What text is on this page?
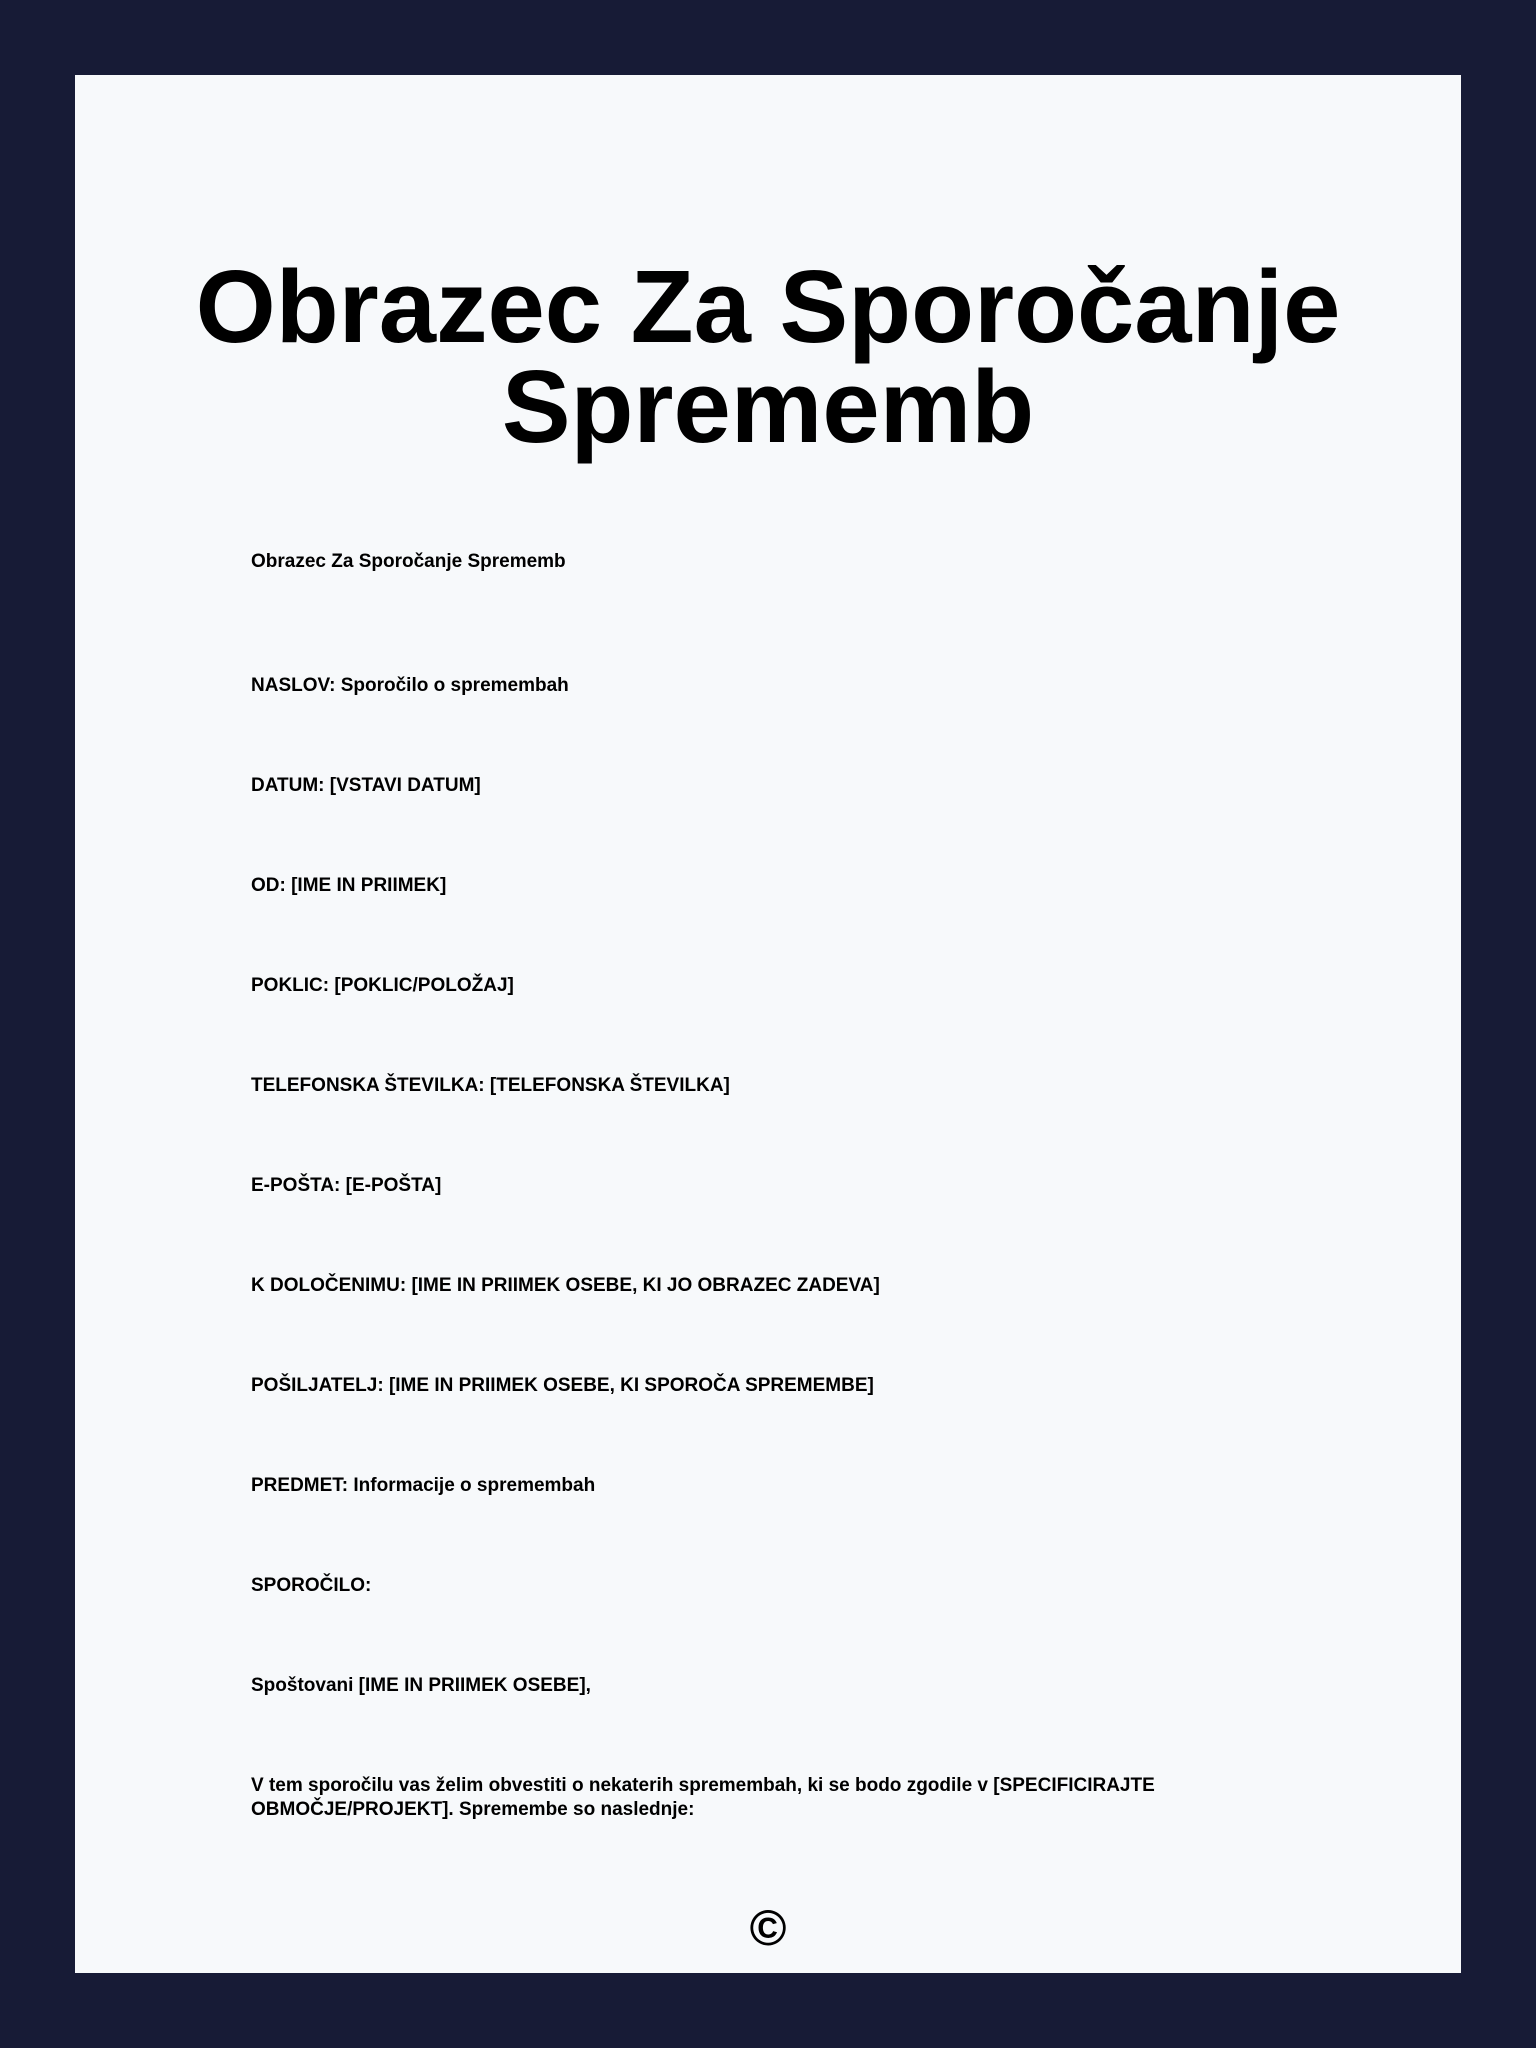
Obrazec Za Sporočanje Sprememb

Obrazec Za Sporočanje Sprememb

NASLOV: Sporočilo o spremembah

DATUM: [VSTAVI DATUM]

OD: [IME IN PRIIMEK]

POKLIC: [POKLIC/POLOŽAJ]

TELEFONSKA ŠTEVILKA: [TELEFONSKA ŠTEVILKA]

E-POŠTA: [E-POŠTA]

K DOLOČENIMU: [IME IN PRIIMEK OSEBE, KI JO OBRAZEC ZADEVA]

POŠILJATELJ: [IME IN PRIIMEK OSEBE, KI SPOROČA SPREMEMBE]

PREDMET: Informacije o spremembah

SPOROČILO:

Spoštovani [IME IN PRIIMEK OSEBE],

V tem sporočilu vas želim obvestiti o nekaterih spremembah, ki se bodo zgodile v [SPECIFICIRAJTE OBMOČJE/PROJEKT]. Spremembe so naslednje:

©
